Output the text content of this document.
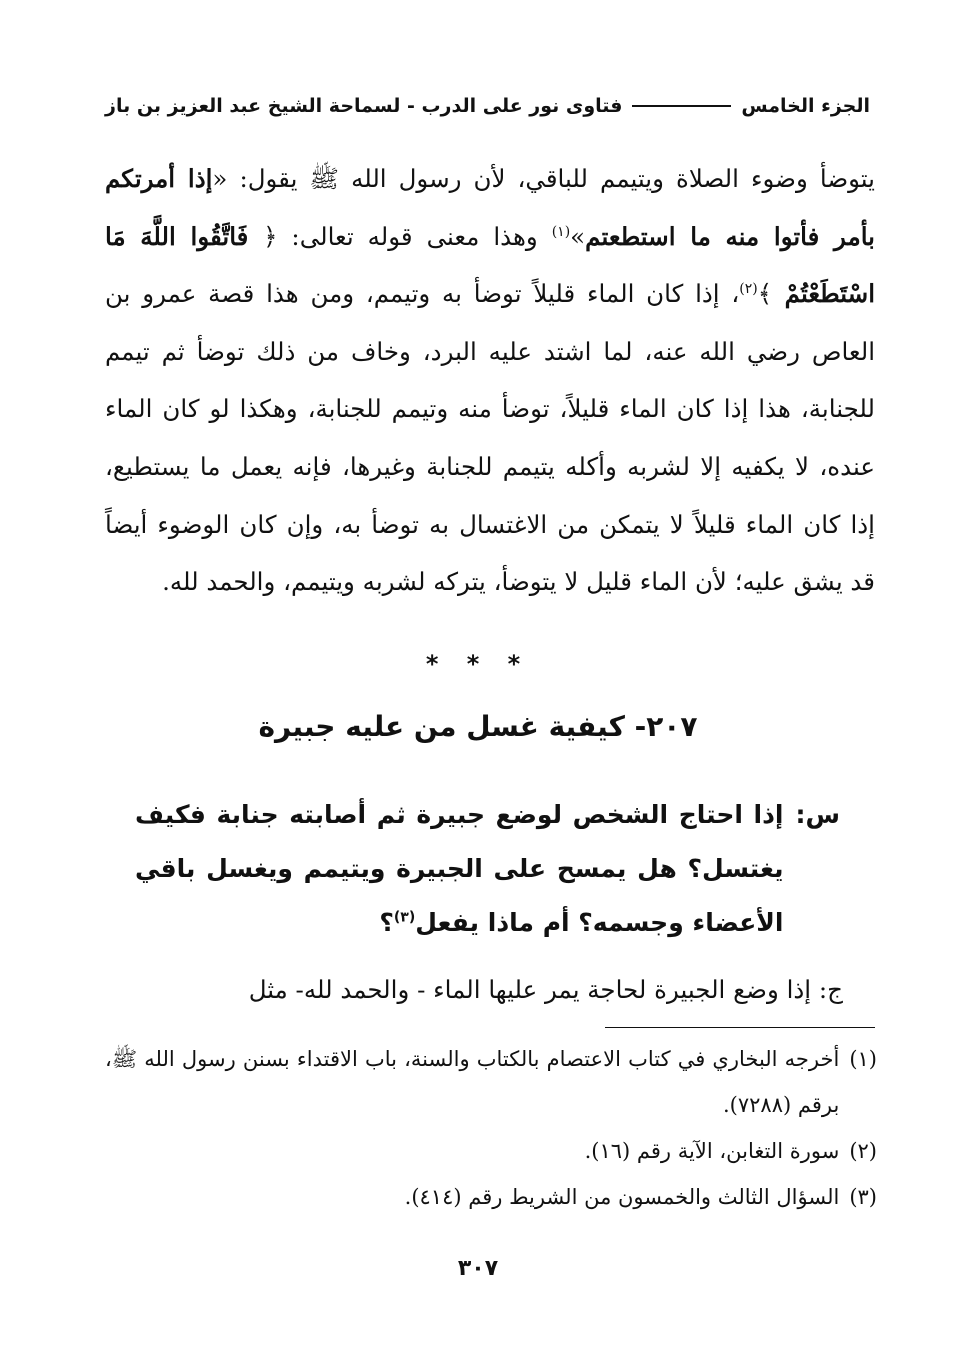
فتاوى نور على الدرب - لسماحة الشيخ عبد العزيز بن باز	الجزء الخامس

يتوضأ وضوء الصلاة ويتيمم للباقي، لأن رسول الله ﷺ يقول: «إذا أمرتكم بأمر فأتوا منه ما استطعتم»$^{(١)}$ وهذا معنى قوله تعالى: ﴿ فَاتَّقُوا اللَّهَ مَا اسْتَطَعْتُمْ ﴾$^{(٢)}$، إذا كان الماء قليلاً توضأ به وتيمم، ومن هذا قصة عمرو بن العاص رضي الله عنه، لما اشتد عليه البرد، وخاف من ذلك توضأ ثم تيمم للجنابة، هذا إذا كان الماء قليلاً، توضأ منه وتيمم للجنابة، وهكذا لو كان الماء عنده، لا يكفيه إلا لشربه وأكله يتيمم للجنابة وغيرها، فإنه يعمل ما يستطيع، إذا كان الماء قليلاً لا يتمكن من الاغتسال به توضأ به، وإن كان الوضوء أيضاً قد يشق عليه؛ لأن الماء قليل لا يتوضأ، يتركه لشربه ويتيمم، والحمد لله.

* * *
٢٠٧- كيفية غسل من عليه جبيرة
س:
إذا احتاج الشخص لوضع جبيرة ثم أصابته جنابة فكيف يغتسل؟ هل يمسح على الجبيرة ويتيمم ويغسل باقي الأعضاء وجسمه؟ أم ماذا يفعل$^{(٣)}$؟
ج: إذا وضع الجبيرة لحاجة يمر عليها الماء - والحمد لله- مثل
(١)
أخرجه البخاري في كتاب الاعتصام بالكتاب والسنة، باب الاقتداء بسنن رسول الله ﷺ، برقم (٧٢٨٨).
(٢)
سورة التغابن، الآية رقم (١٦).
(٣)
السؤال الثالث والخمسون من الشريط رقم (٤١٤).
٣٠٧
